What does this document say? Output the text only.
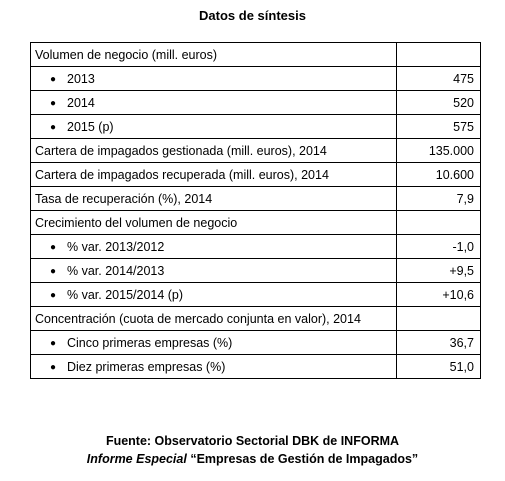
Datos de síntesis
Volumen de negocio (mill. euros)	
● 2013	475
● 2014	520
● 2015 (p)	575
Cartera de impagados gestionada (mill. euros), 2014	135.000
Cartera de impagados recuperada (mill. euros), 2014	10.600
Tasa de recuperación (%), 2014	7,9
Crecimiento del volumen de negocio	
● % var. 2013/2012	-1,0
● % var. 2014/2013	+9,5
● % var. 2015/2014 (p)	+10,6
Concentración (cuota de mercado conjunta en valor), 2014	
● Cinco primeras empresas (%)	36,7
● Diez primeras empresas (%)	51,0
Fuente: Observatorio Sectorial DBK de INFORMA
Informe Especial “Empresas de Gestión de Impagados”
